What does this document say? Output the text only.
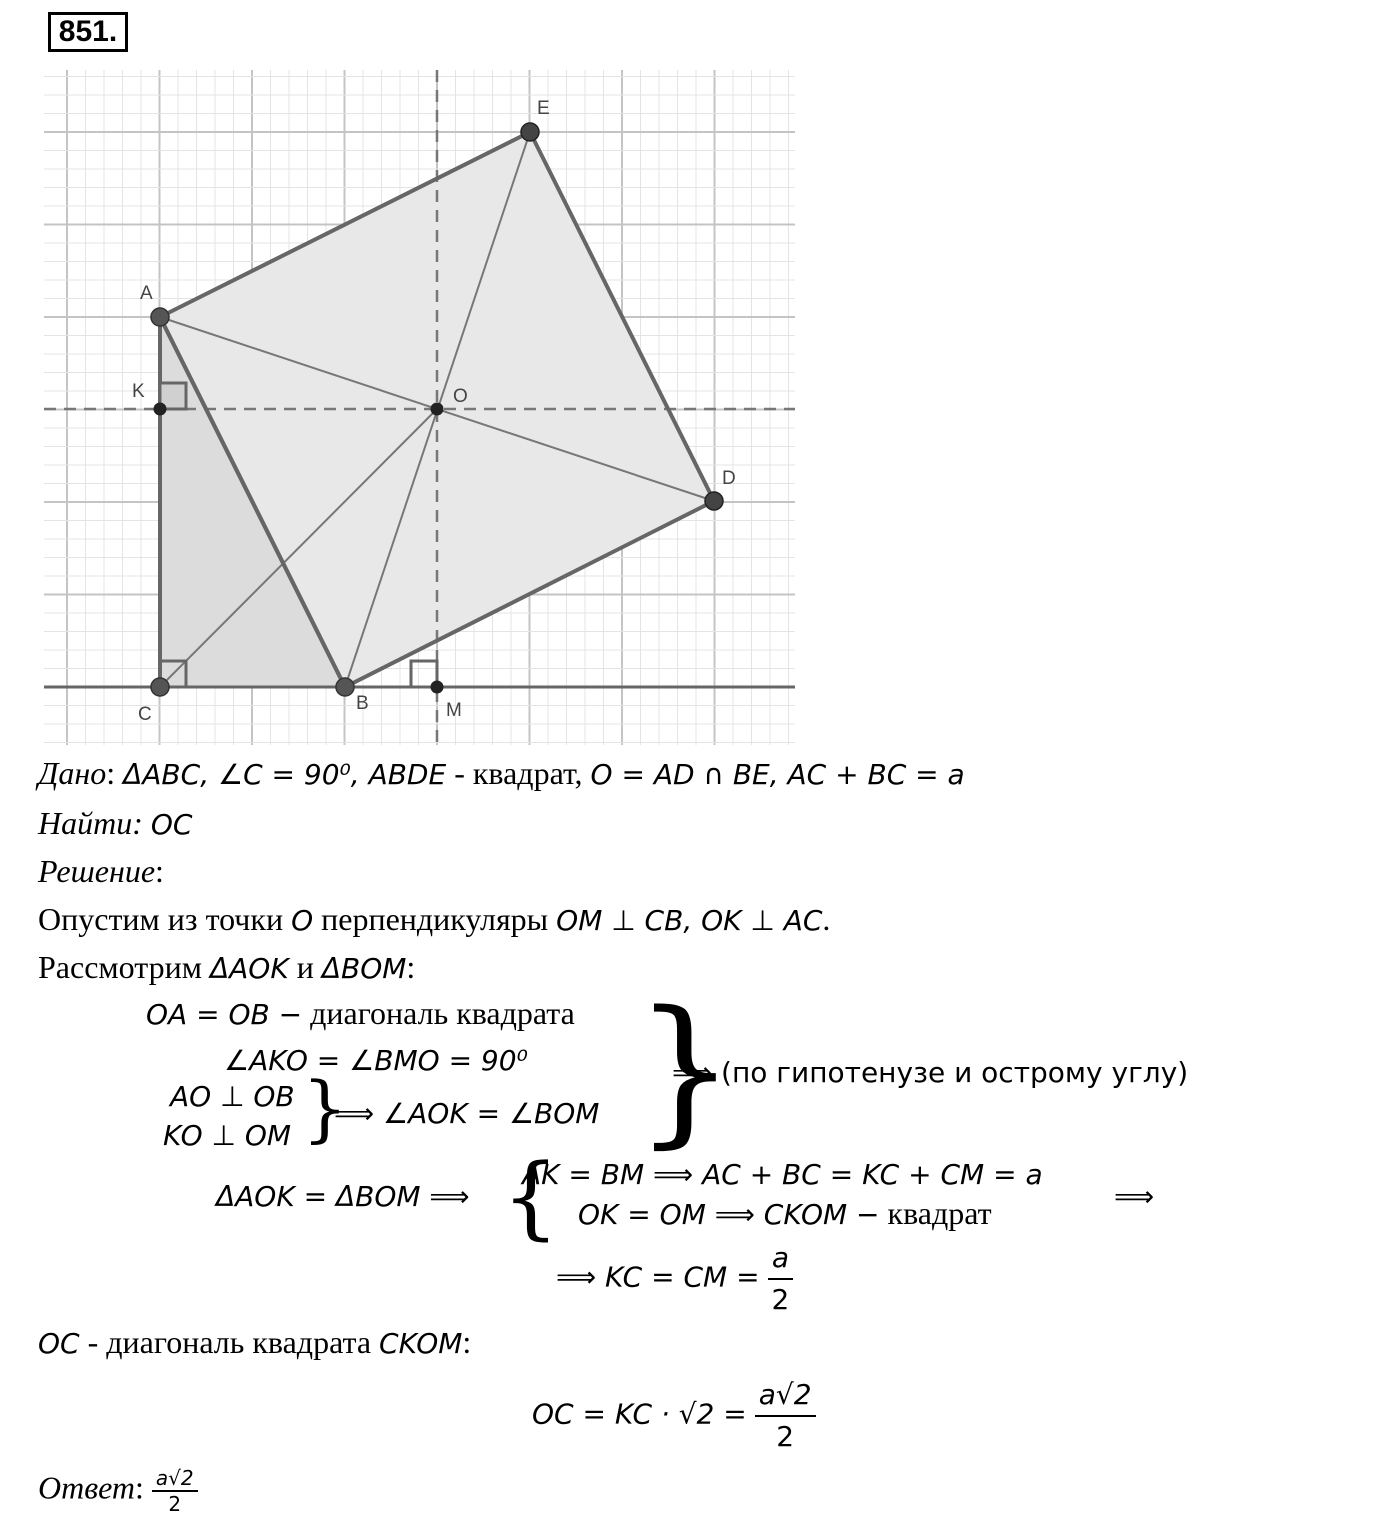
851.
A
E
D
K	O
B
C	M
Дано: ΔABC, ∠C = 90⁰, ABDE - квадрат, O = AD ∩ BE, AC + BC = a
Найти: OC
Решение:
Опустим из точки O перпендикуляры OM ⊥ CB, OK ⊥ AC.
Рассмотрим ΔAOK и ΔBOM:
OA = OB − диагональ квадрата
∠AKO = ∠BMO = 90⁰
AO ⊥ OB
KO ⊥ OM }
⟹ ∠AOK = ∠BOM }
⟹ (по гипотенузе и острому углу)
ΔAOK = ΔBOM ⟹ {
AK = BM ⟹ AC + BC = KC + CM = a
OK = OM ⟹ CKOM − квадрат	⟹
⟹ KC = CM = $\frac{a}{2}$
OC - диагональ квадрата CKOM:
OC = KC · $√2 = \frac{a√2}{2}$
Ответ: $\frac{a√2}{2}$
